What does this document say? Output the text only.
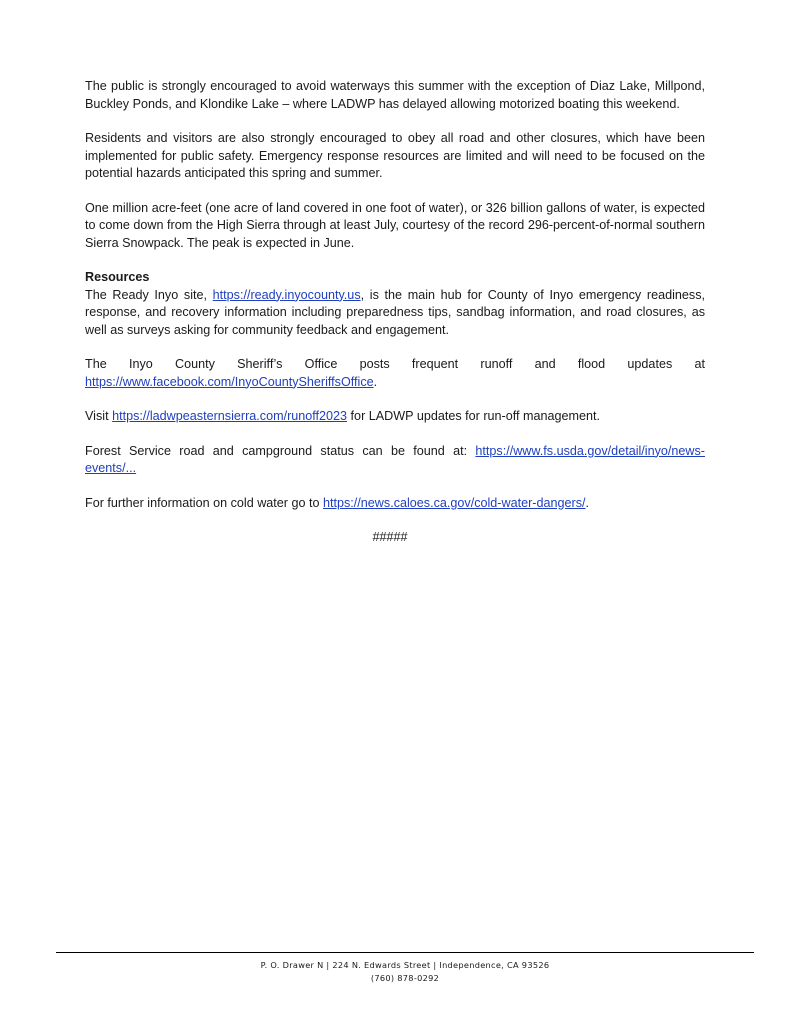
The public is strongly encouraged to avoid waterways this summer with the exception of Diaz Lake, Millpond, Buckley Ponds, and Klondike Lake – where LADWP has delayed allowing motorized boating this weekend.

Residents and visitors are also strongly encouraged to obey all road and other closures, which have been implemented for public safety. Emergency response resources are limited and will need to be focused on the potential hazards anticipated this spring and summer.

One million acre-feet (one acre of land covered in one foot of water), or 326 billion gallons of water, is expected to come down from the High Sierra through at least July, courtesy of the record 296-percent-of-normal southern Sierra Snowpack. The peak is expected in June.

Resources

The Ready Inyo site, https://ready.inyocounty.us, is the main hub for County of Inyo emergency readiness, response, and recovery information including preparedness tips, sandbag information, and road closures, as well as surveys asking for community feedback and engagement.

The Inyo County Sheriff’s Office posts frequent runoff and flood updates at
https://www.facebook.com/InyoCountySheriffsOffice.

Visit https://ladwpeasternsierra.com/runoff2023 for LADWP updates for run-off management.

Forest Service road and campground status can be found at: https://www.fs.usda.gov/detail/inyo/news-events/...

For further information on cold water go to https://news.caloes.ca.gov/cold-water-dangers/.

#####

P. O. Drawer N | 224 N. Edwards Street | Independence, CA 93526
(760) 878-0292
